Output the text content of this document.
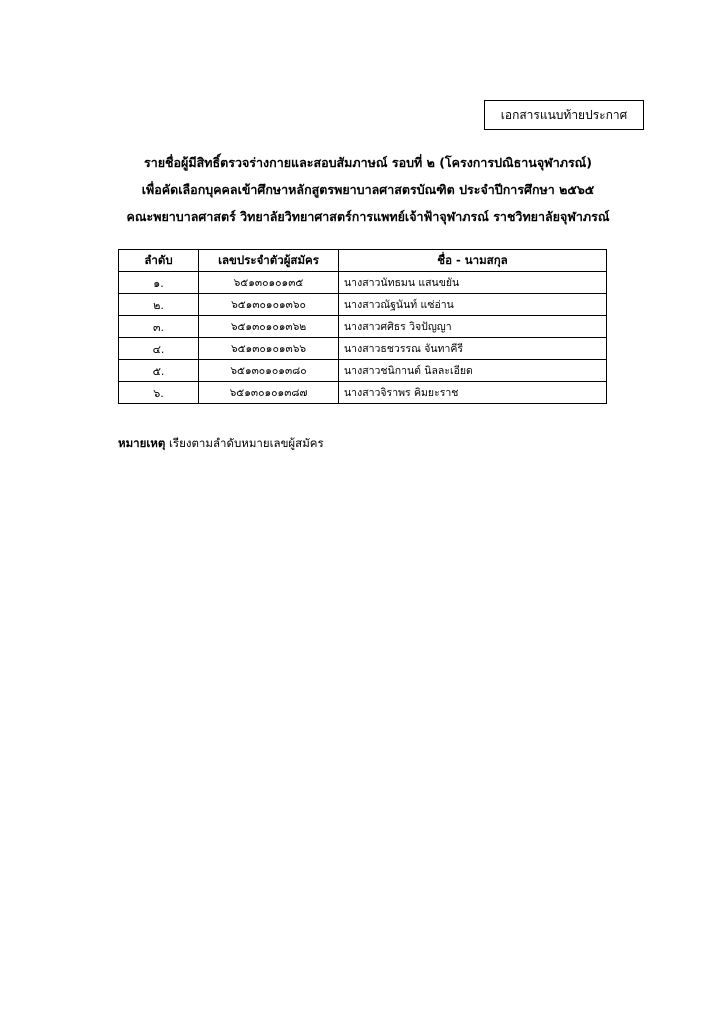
เอกสารแนบท้ายประกาศ
รายชื่อผู้มีสิทธิ์ตรวจร่างกายและสอบสัมภาษณ์ รอบที่ ๒ (โครงการปณิธานจุฬาภรณ์)
เพื่อคัดเลือกบุคคลเข้าศึกษาหลักสูตรพยาบาลศาสตรบัณฑิต ประจำปีการศึกษา ๒๕๖๕
คณะพยาบาลศาสตร์ วิทยาลัยวิทยาศาสตร์การแพทย์เจ้าฟ้าจุฬาภรณ์ ราชวิทยาลัยจุฬาภรณ์
ลำดับ	เลขประจำตัวผู้สมัคร	ชื่อ - นามสกุล
๑.	๖๕๑๓๐๑๐๑๓๕	นางสาวนัทธมน แสนขยัน
๒.	๖๕๑๓๐๑๐๑๓๖๐	นางสาวณัฐนันท์ แซ่อ่าน
๓.	๖๕๑๓๐๑๐๑๓๖๒	นางสาวศศิธร วิจปัญญา
๔.	๖๕๑๓๐๑๐๑๓๖๖	นางสาวธชวรรณ จันทาคีรี
๕.	๖๕๑๓๐๑๐๑๓๘๐	นางสาวชนิกานต์ นิลละเอียด
๖.	๖๕๑๓๐๑๐๑๓๘๗	นางสาวจิราพร คิมยะราช
หมายเหตุ เรียงตามลำดับหมายเลขผู้สมัคร
